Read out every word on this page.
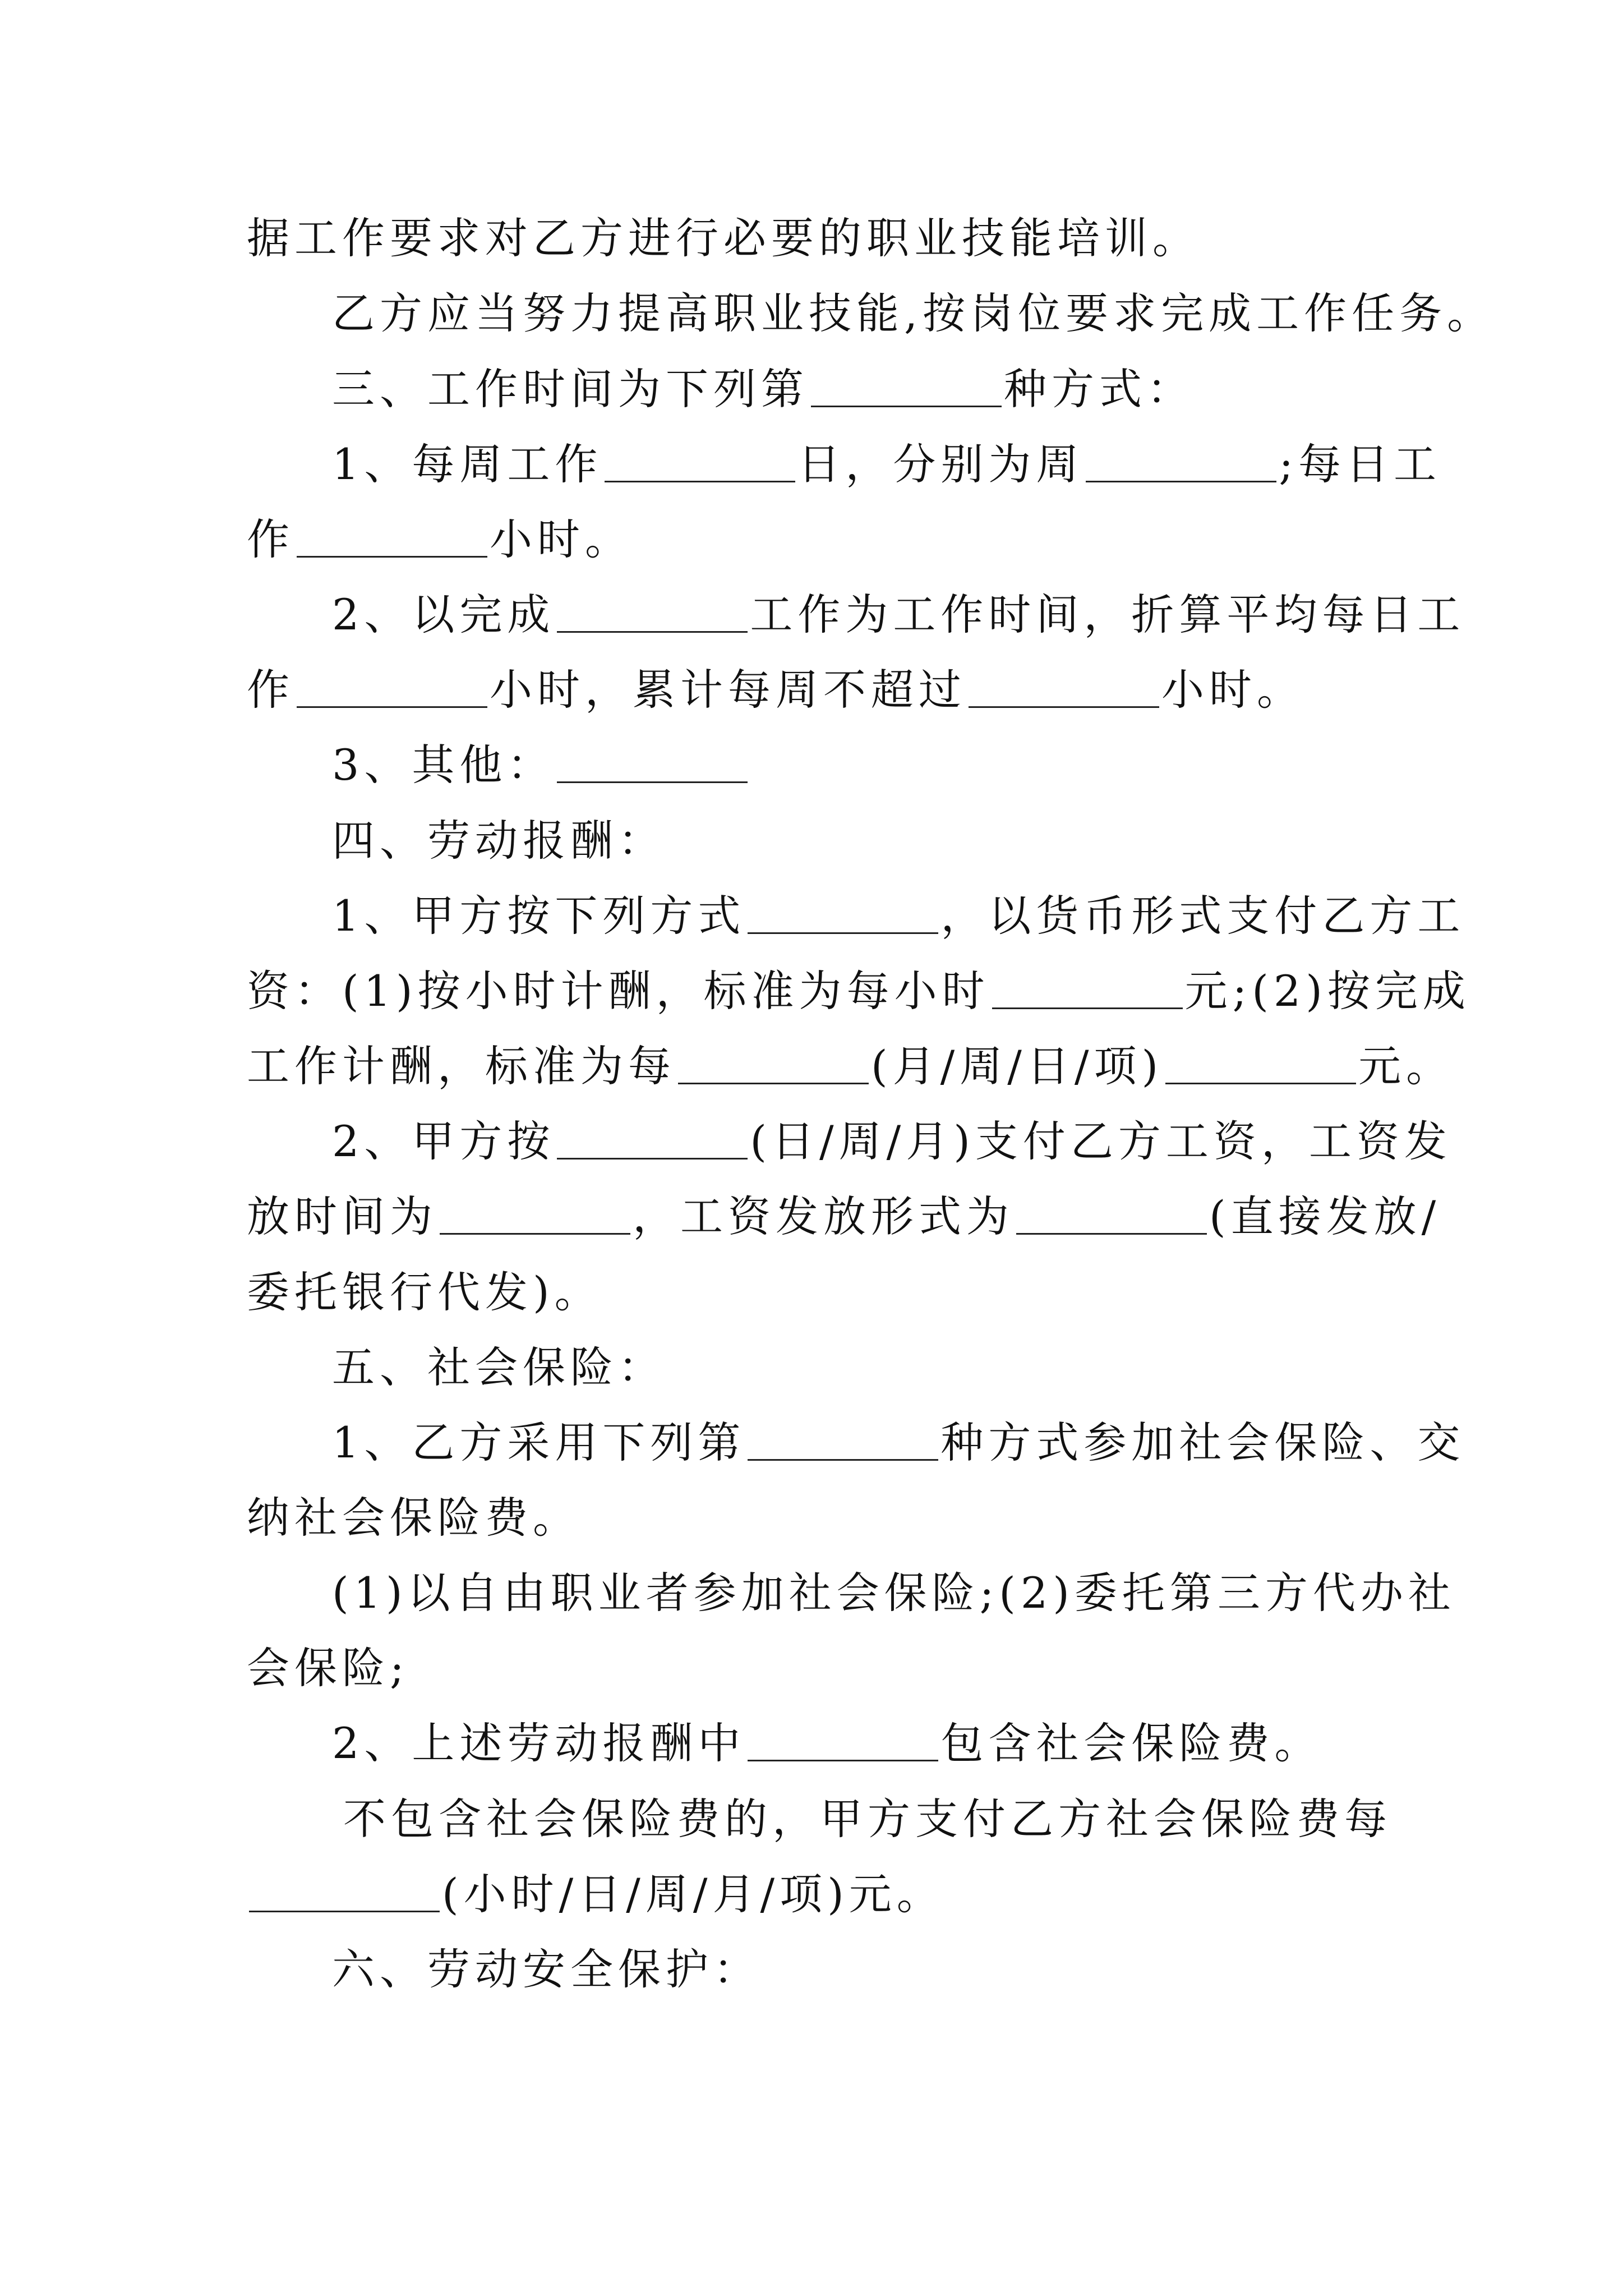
据工作要求对乙方进行必要的职业技能培训。
乙方应当努力提高职业技能,按岗位要求完成工作任务。
三、工作时间为下列第	种方式：
1、每周工作	日，分别为周	;每日工
作	小时。
2、以完成	工作为工作时间，折算平均每日工
作	小时，累计每周不超过	小时。
3、其他：
四、劳动报酬：
1、甲方按下列方式	，以货币形式支付乙方工
资：(1)按小时计酬，标准为每小时	元;(2)按完成
工作计酬，标准为每	(月/周/日/项)	元。
2、甲方按	(日/周/月)支付乙方工资，工资发
放时间为	，工资发放形式为	(直接发放/
委托银行代发)。
五、社会保险：
1、乙方采用下列第	种方式参加社会保险、交
纳社会保险费。
(1)以自由职业者参加社会保险;(2)委托第三方代办社
会保险;
2、上述劳动报酬中	包含社会保险费。
不包含社会保险费的，甲方支付乙方社会保险费每
(小时/日/周/月/项)元。
六、劳动安全保护：
